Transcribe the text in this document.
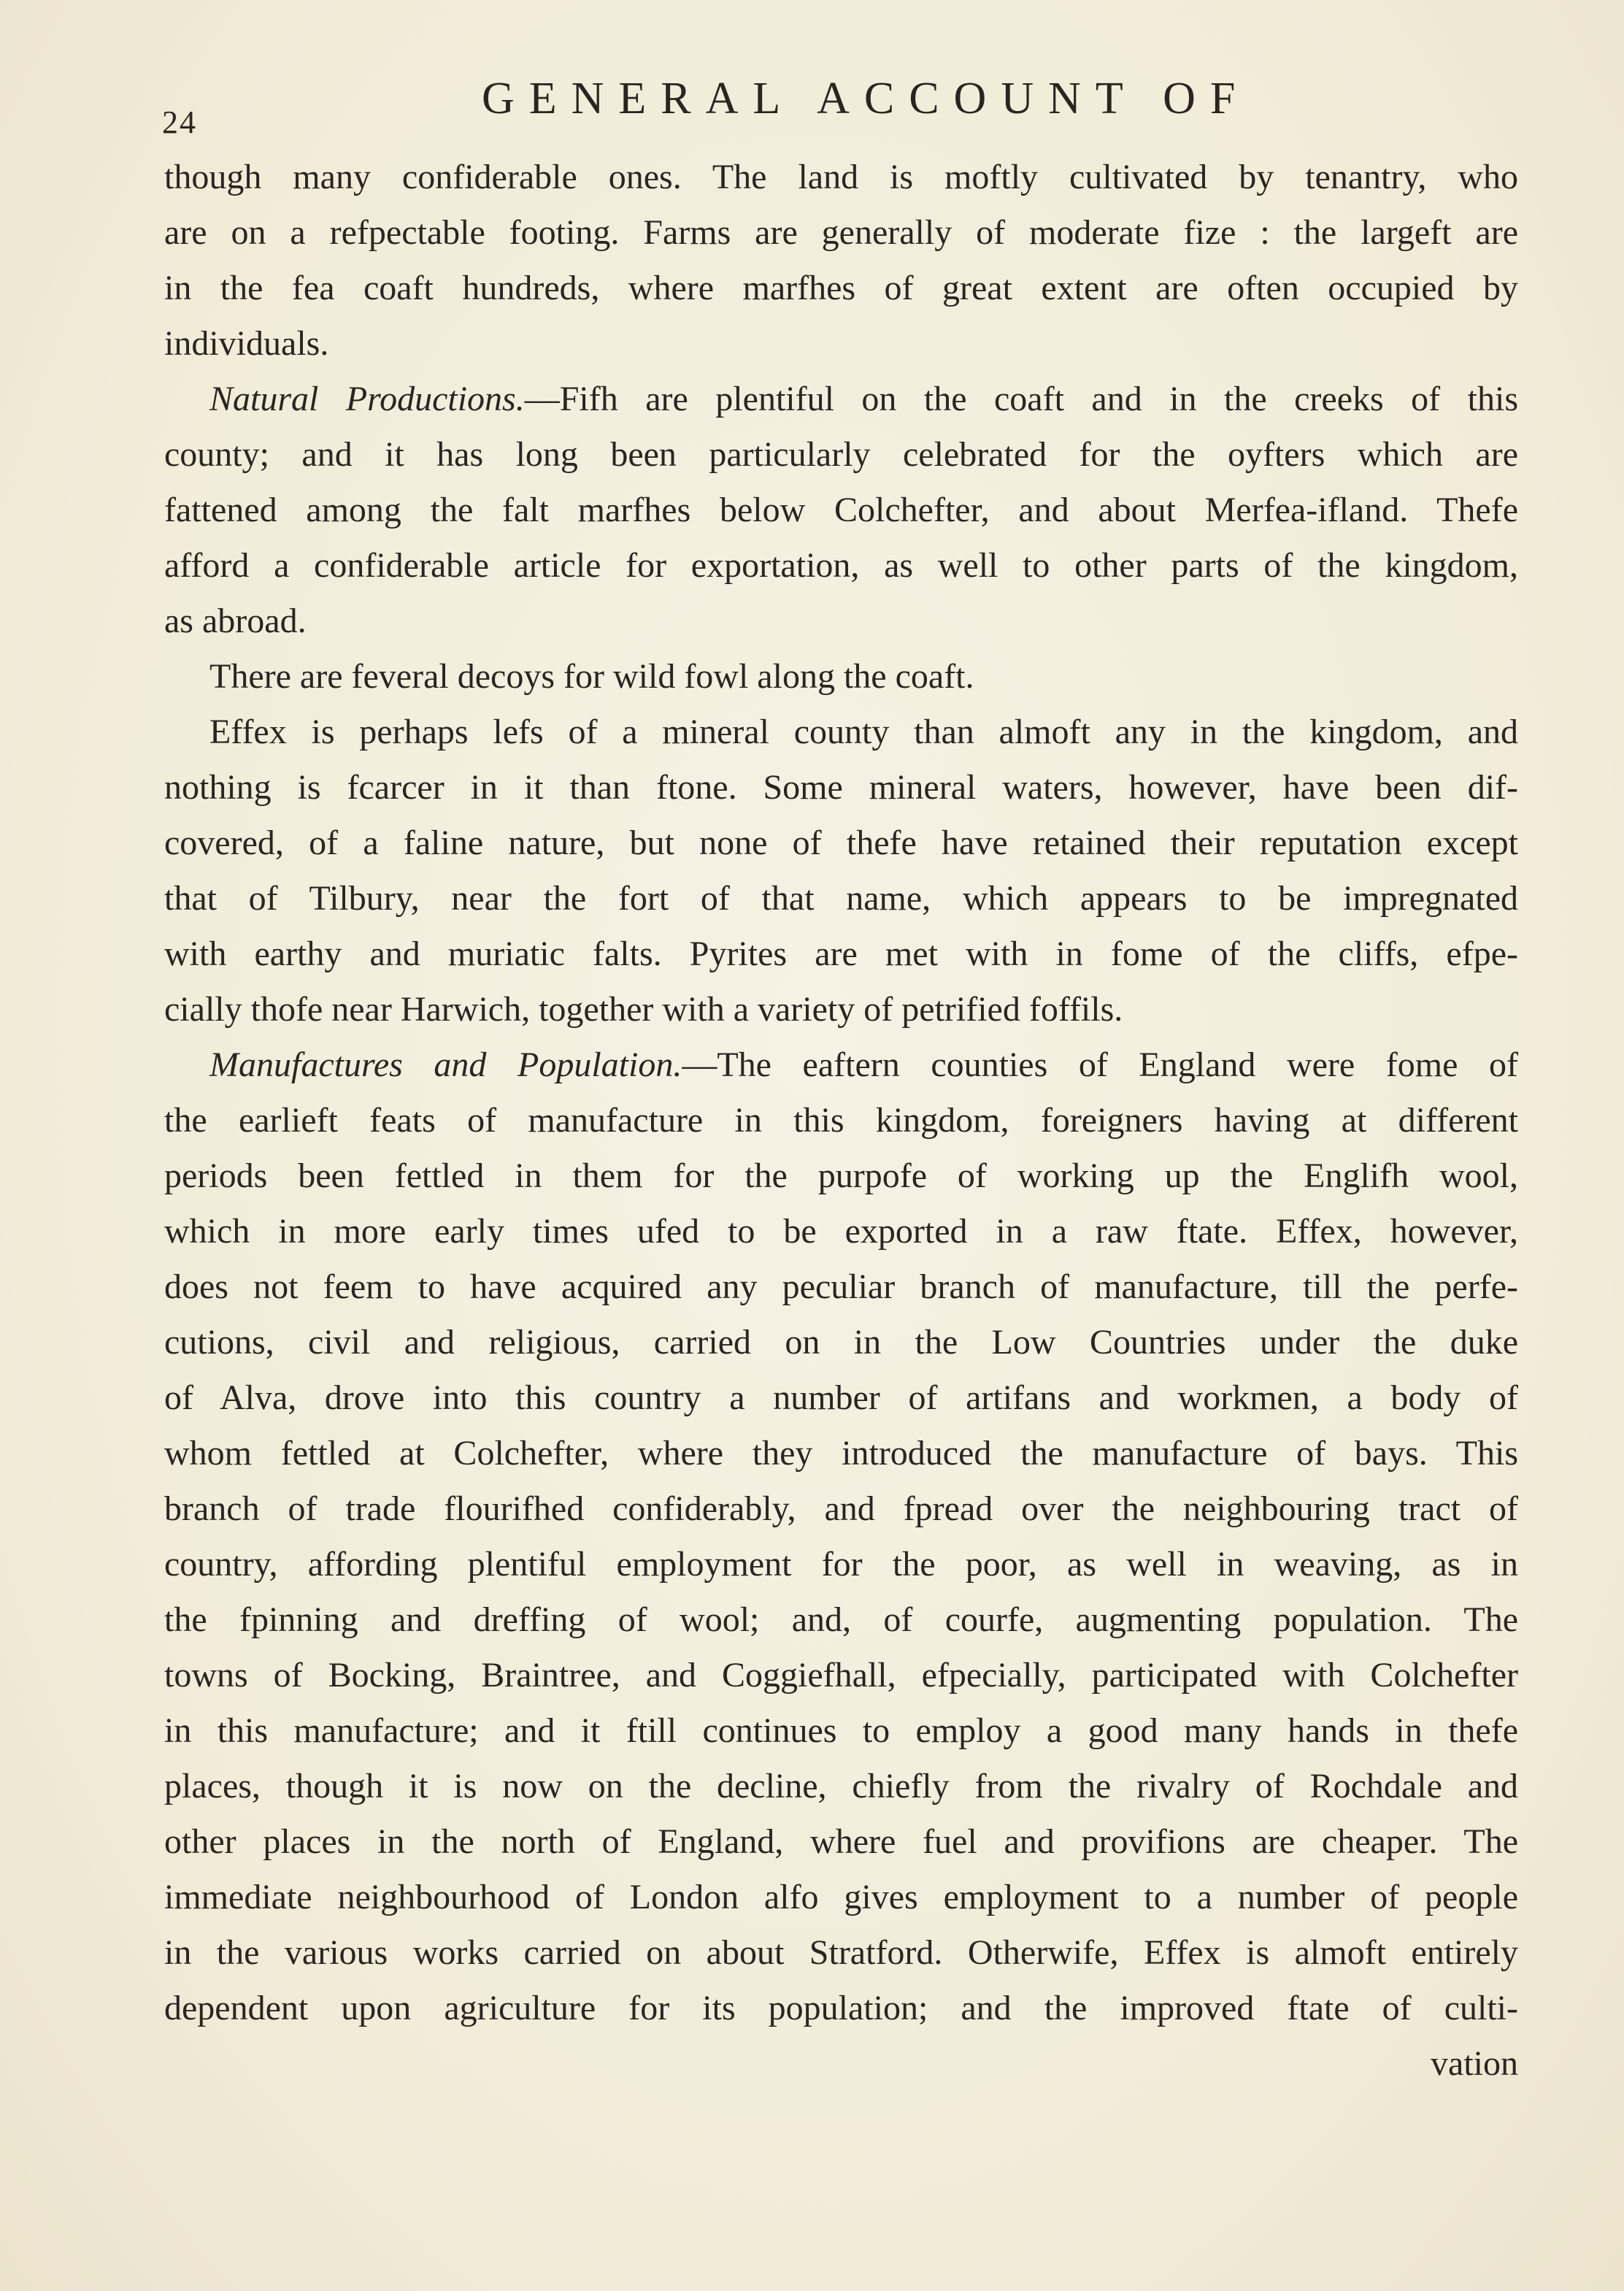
24	GENERAL ACCOUNT OF
though many confiderable ones. The land is moftly cultivated by tenantry, who
are on a refpectable footing. Farms are generally of moderate fize : the largeft are
in the fea coaft hundreds, where marfhes of great extent are often occupied by
individuals.
Natural Productions.—Fifh are plentiful on the coaft and in the creeks of this
county; and it has long been particularly celebrated for the oyfters which are
fattened among the falt marfhes below Colchefter, and about Merfea-ifland. Thefe
afford a confiderable article for exportation, as well to other parts of the kingdom,
as abroad.
There are feveral decoys for wild fowl along the coaft.
Effex is perhaps lefs of a mineral county than almoft any in the kingdom, and
nothing is fcarcer in it than ftone. Some mineral waters, however, have been dif-
covered, of a faline nature, but none of thefe have retained their reputation except
that of Tilbury, near the fort of that name, which appears to be impregnated
with earthy and muriatic falts. Pyrites are met with in fome of the cliffs, efpe-
cially thofe near Harwich, together with a variety of petrified foffils.
Manufactures and Population.—The eaftern counties of England were fome of
the earlieft feats of manufacture in this kingdom, foreigners having at different
periods been fettled in them for the purpofe of working up the Englifh wool,
which in more early times ufed to be exported in a raw ftate. Effex, however,
does not feem to have acquired any peculiar branch of manufacture, till the perfe-
cutions, civil and religious, carried on in the Low Countries under the duke
of Alva, drove into this country a number of artifans and workmen, a body of
whom fettled at Colchefter, where they introduced the manufacture of bays. This
branch of trade flourifhed confiderably, and fpread over the neighbouring tract of
country, affording plentiful employment for the poor, as well in weaving, as in
the fpinning and dreffing of wool; and, of courfe, augmenting population. The
towns of Bocking, Braintree, and Coggiefhall, efpecially, participated with Colchefter
in this manufacture; and it ftill continues to employ a good many hands in thefe
places, though it is now on the decline, chiefly from the rivalry of Rochdale and
other places in the north of England, where fuel and provifions are cheaper. The
immediate neighbourhood of London alfo gives employment to a number of people
in the various works carried on about Stratford. Otherwife, Effex is almoft entirely
dependent upon agriculture for its population; and the improved ftate of culti-
vation
